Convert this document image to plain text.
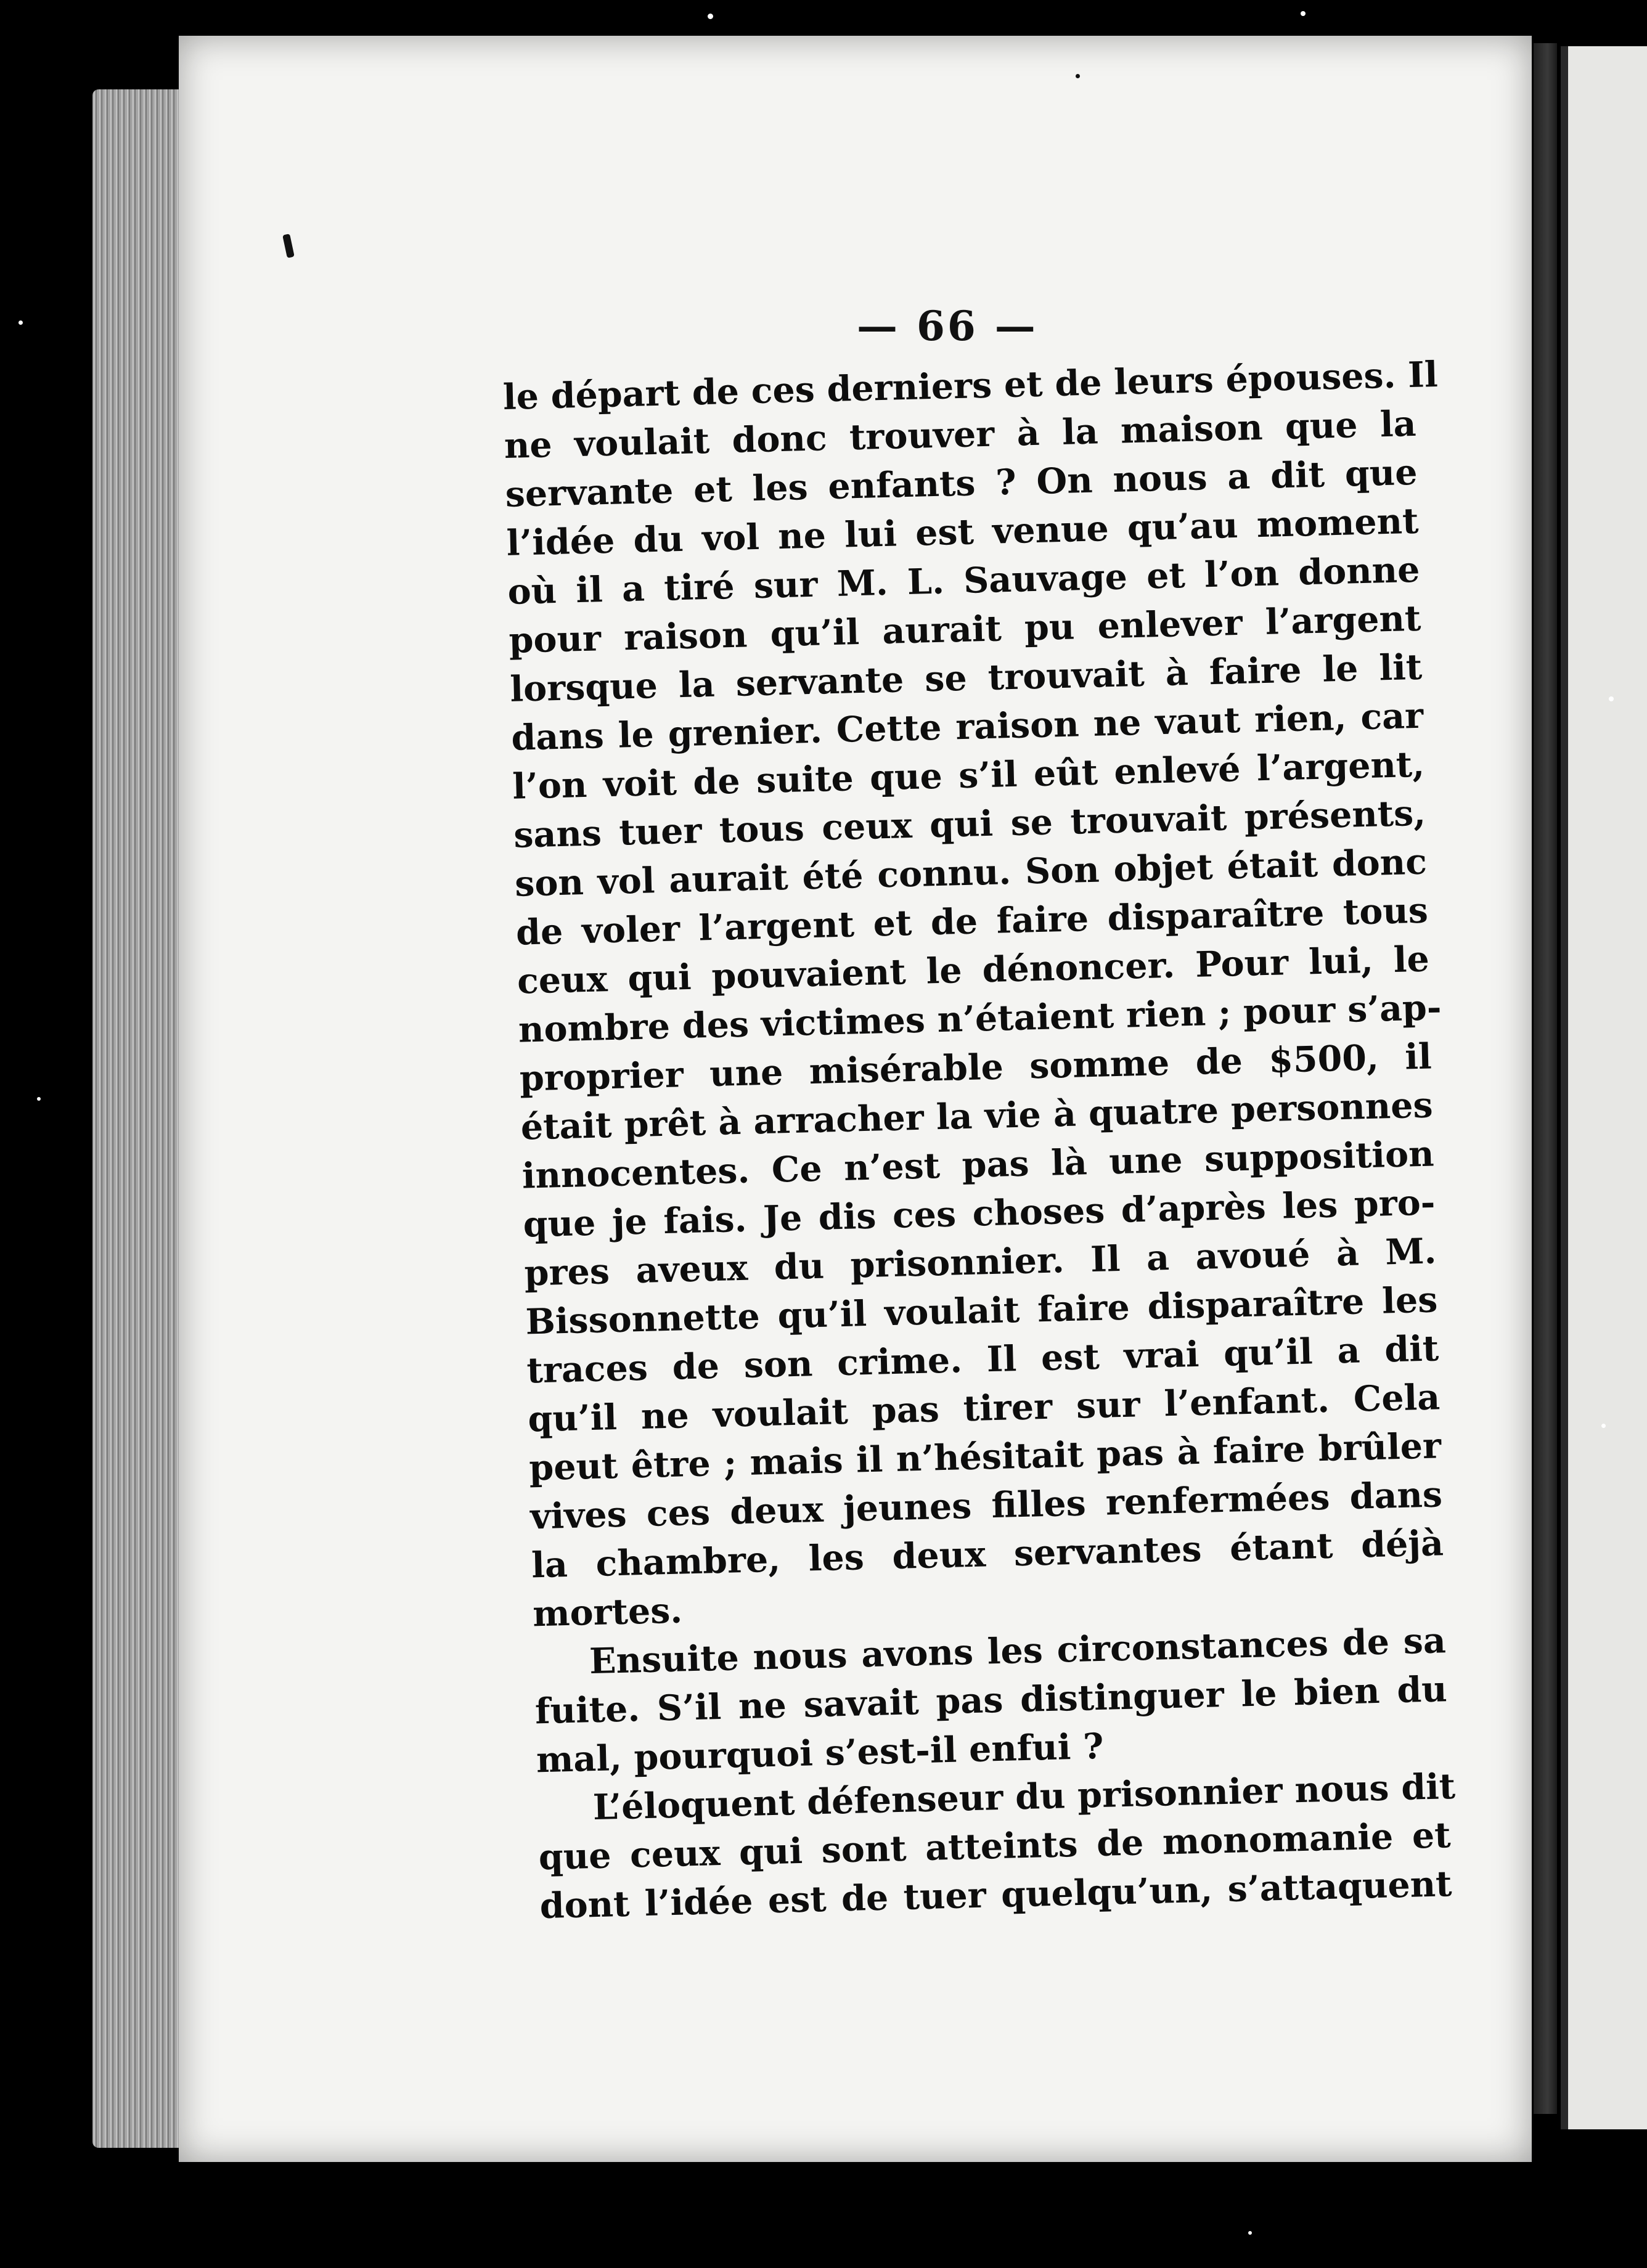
— 66 —
le départ de ces derniers et de leurs épouses. Il
ne voulait donc trouver à la maison que la
servante et les enfants ? On nous a dit que
l’idée du vol ne lui est venue qu’au moment
où il a tiré sur M. L. Sauvage et l’on donne
pour raison qu’il aurait pu enlever l’argent
lorsque la servante se trouvait à faire le lit
dans le grenier. Cette raison ne vaut rien, car
l’on voit de suite que s’il eût enlevé l’argent,
sans tuer tous ceux qui se trouvait présents,
son vol aurait été connu. Son objet était donc
de voler l’argent et de faire disparaître tous
ceux qui pouvaient le dénoncer. Pour lui, le
nombre des victimes n’étaient rien ; pour s’ap-
proprier une misérable somme de $500, il
était prêt à arracher la vie à quatre personnes
innocentes. Ce n’est pas là une supposition
que je fais. Je dis ces choses d’après les pro-
pres aveux du prisonnier. Il a avoué à M.
Bissonnette qu’il voulait faire disparaître les
traces de son crime. Il est vrai qu’il a dit
qu’il ne voulait pas tirer sur l’enfant. Cela
peut être ; mais il n’hésitait pas à faire brûler
vives ces deux jeunes filles renfermées dans
la chambre, les deux servantes étant déjà
mortes.
Ensuite nous avons les circonstances de sa
fuite. S’il ne savait pas distinguer le bien du
mal, pourquoi s’est-il enfui ?
L’éloquent défenseur du prisonnier nous dit
que ceux qui sont atteints de monomanie et
dont l’idée est de tuer quelqu’un, s’attaquent
